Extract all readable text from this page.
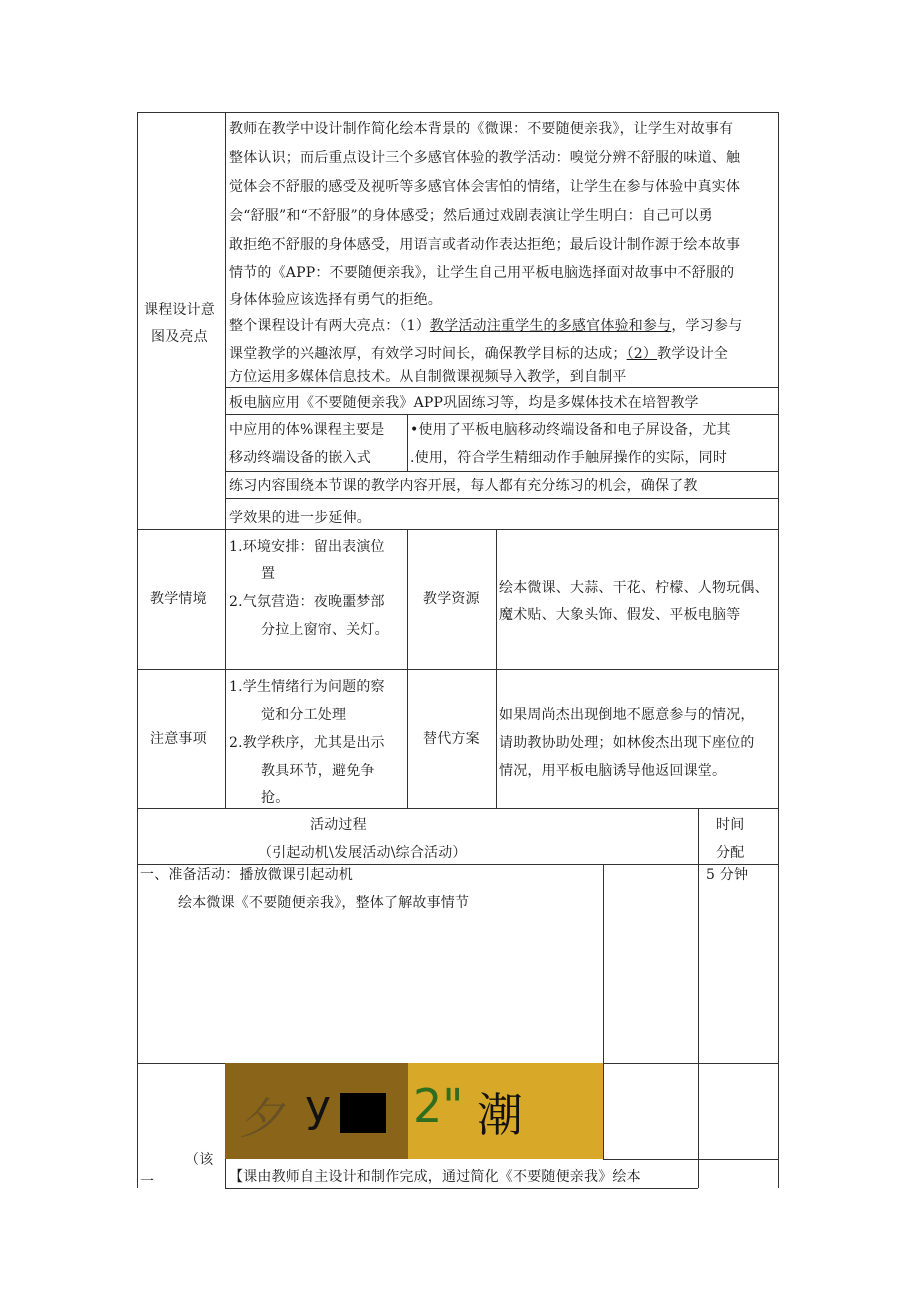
课程设计意
图及亮点
教师在教学中设计制作简化绘本背景的《微课：不要随便亲我》，让学生对故事有
整体认识；而后重点设计三个多感官体验的教学活动：嗅觉分辨不舒服的味道、触
觉体会不舒服的感受及视听等多感官体会害怕的情绪，让学生在参与体验中真实体
会“舒服”和“不舒服”的身体感受；然后通过戏剧表演让学生明白：自己可以勇
敢拒绝不舒服的身体感受，用语言或者动作表达拒绝；最后设计制作源于绘本故事
情节的《APP：不要随便亲我》，让学生自己用平板电脑选择面对故事中不舒服的
身体体验应该选择有勇气的拒绝。
整个课程设计有两大亮点：（1）教学活动注重学生的多感官体验和参与，学习参与
课堂教学的兴趣浓厚，有效学习时间长，确保教学目标的达成；（2）教学设计全
方位运用多媒体信息技术。从自制微课视频导入教学，到自制平
板电脑应用《不要随便亲我》APP巩固练习等，均是多媒体技术在培智教学
中应用的体%课程主要是
移动终端设备的嵌入式
•使用了平板电脑移动终端设备和电子屏设备，尤其
.使用，符合学生精细动作手触屏操作的实际，同时
练习内容围绕本节课的教学内容开展，每人都有充分练习的机会，确保了教
学效果的进一步延伸。
教学情境
1.环境安排：留出表演位
置
2.气氛营造：夜晚噩梦部
分拉上窗帘、关灯。
教学资源
绘本微课、大蒜、干花、柠檬、人物玩偶、
魔术贴、大象头饰、假发、平板电脑等
注意事项
1.学生情绪行为问题的察
觉和分工处理
2.教学秩序，尤其是出示
教具环节，避免争
抢。
替代方案
如果周尚杰出现倒地不愿意参与的情况，
请助教协助处理；如林俊杰出现下座位的
情况，用平板电脑诱导他返回课堂。
活动过程
（引起动机\发展活动\综合活动）
时间
分配
一、准备活动：播放微课引起动机
绘本微课《不要随便亲我》，整体了解故事情节
5 分钟
夕 y 2" 潮
（该
一	【课由教师自主设计和制作完成，通过简化《不要随便亲我》绘本
